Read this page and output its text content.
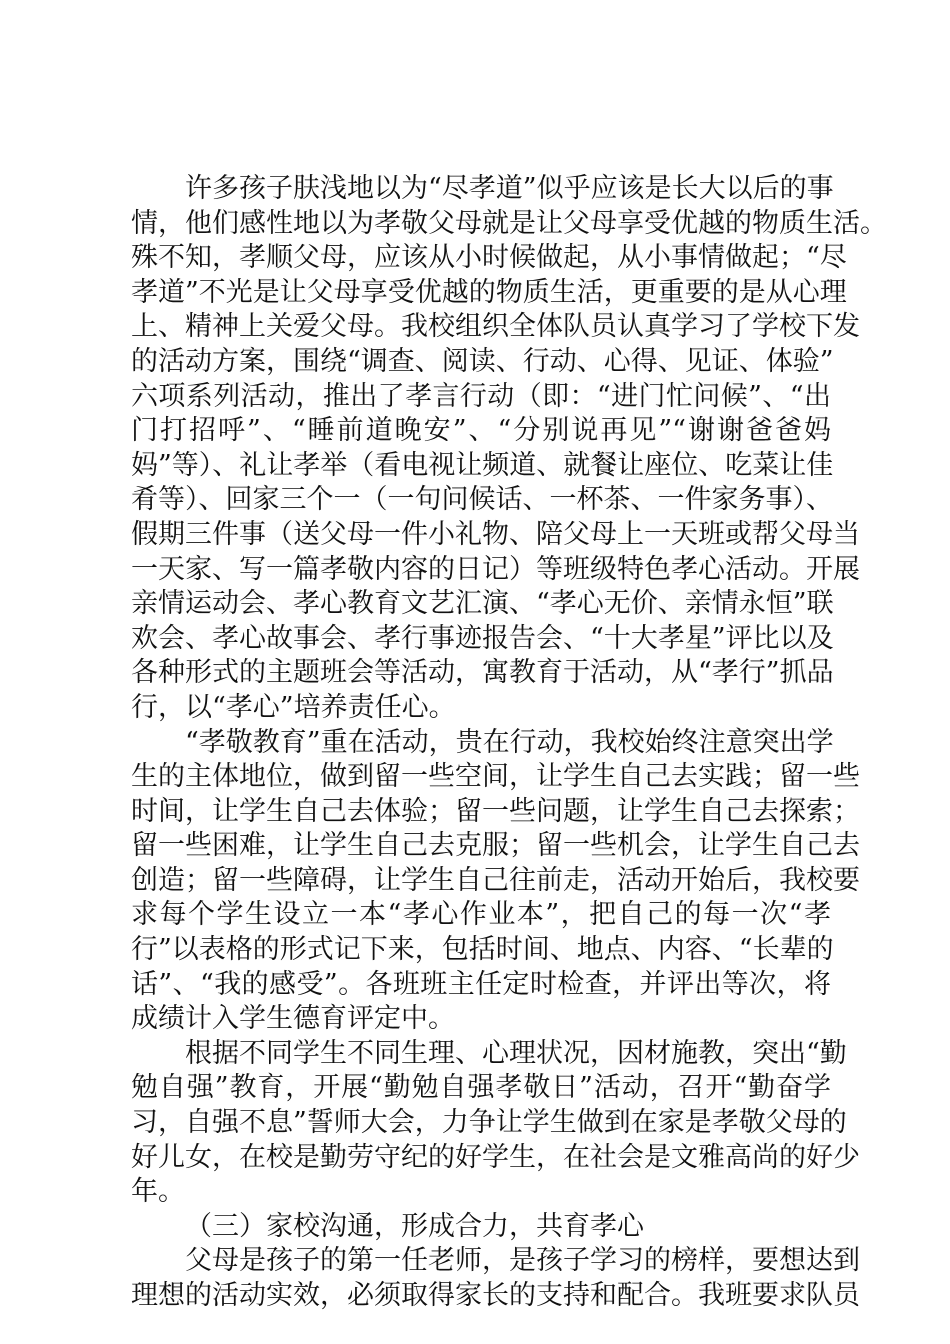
许多孩子肤浅地以为“尽孝道”似乎应该是长大以后的事
情，他们感性地以为孝敬父母就是让父母享受优越的物质生活。
殊不知，孝顺父母，应该从小时候做起，从小事情做起；“尽
孝道”不光是让父母享受优越的物质生活，更重要的是从心理
上、精神上关爱父母。我校组织全体队员认真学习了学校下发
的活动方案，围绕“调查、阅读、行动、心得、见证、体验”
六项系列活动，推出了孝言行动（即：“进门忙问候”、“出
门打招呼”、“睡前道晚安”、“分别说再见”“谢谢爸爸妈
妈”等）、礼让孝举（看电视让频道、就餐让座位、吃菜让佳
肴等）、回家三个一（一句问候话、一杯茶、一件家务事）、
假期三件事（送父母一件小礼物、陪父母上一天班或帮父母当
一天家、写一篇孝敬内容的日记）等班级特色孝心活动。开展
亲情运动会、孝心教育文艺汇演、“孝心无价、亲情永恒”联
欢会、孝心故事会、孝行事迹报告会、“十大孝星”评比以及
各种形式的主题班会等活动，寓教育于活动，从“孝行”抓品
行，以“孝心”培养责任心。
“孝敬教育”重在活动，贵在行动，我校始终注意突出学
生的主体地位，做到留一些空间，让学生自己去实践；留一些
时间，让学生自己去体验；留一些问题，让学生自己去探索；
留一些困难，让学生自己去克服；留一些机会，让学生自己去
创造；留一些障碍，让学生自己往前走，活动开始后，我校要
求每个学生设立一本“孝心作业本”，把自己的每一次“孝
行”以表格的形式记下来，包括时间、地点、内容、“长辈的
话”、“我的感受”。各班班主任定时检查，并评出等次，将
成绩计入学生德育评定中。
根据不同学生不同生理、心理状况，因材施教，突出“勤
勉自强”教育，开展“勤勉自强孝敬日”活动，召开“勤奋学
习，自强不息”誓师大会，力争让学生做到在家是孝敬父母的
好儿女，在校是勤劳守纪的好学生，在社会是文雅高尚的好少
年。
（三）家校沟通，形成合力，共育孝心
父母是孩子的第一任老师，是孩子学习的榜样，要想达到
理想的活动实效，必须取得家长的支持和配合。我班要求队员
